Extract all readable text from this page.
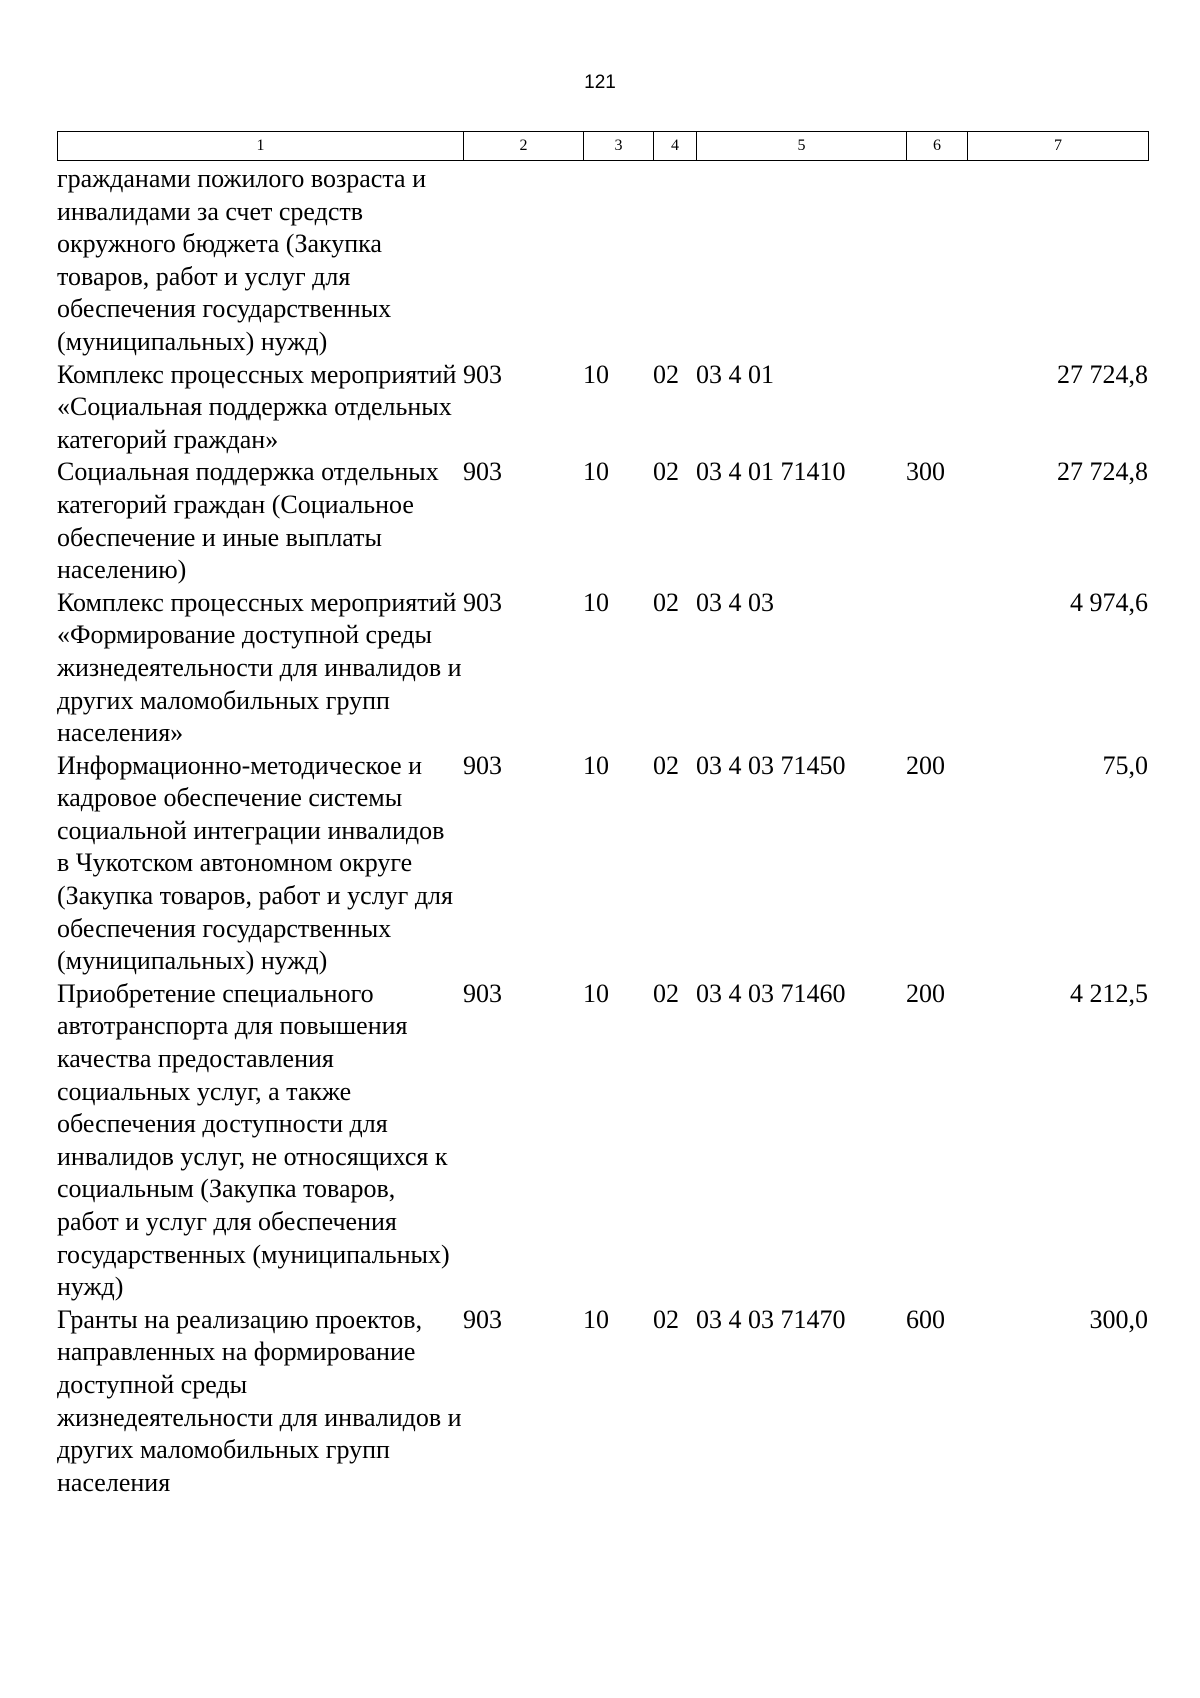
121
1	2	3	4	5	6	7
гражданами пожилого возраста и инвалидами за счет средств окружного бюджета (Закупка товаров, работ и услуг для обеспечения государственных (муниципальных) нужд)						
Комплекс процессных мероприятий «Социальная поддержка отдельных категорий граждан»	903	10	02	03 4 01		27 724,8
Социальная поддержка отдельных категорий граждан (Социальное обеспечение и иные выплаты населению)	903	10	02	03 4 01 71410	300	27 724,8
Комплекс процессных мероприятий «Формирование доступной среды жизнедеятельности для инвалидов и других маломобильных групп населения»	903	10	02	03 4 03		4 974,6
Информационно-методическое и кадровое обеспечение системы социальной интеграции инвалидов в Чукотском автономном округе (Закупка товаров, работ и услуг для обеспечения государственных (муниципальных) нужд)	903	10	02	03 4 03 71450	200	75,0
Приобретение специального автотранспорта для повышения качества предоставления социальных услуг, а также обеспечения доступности для инвалидов услуг, не относящихся к социальным (Закупка товаров, работ и услуг для обеспечения государственных (муниципальных) нужд)	903	10	02	03 4 03 71460	200	4 212,5
Гранты на реализацию проектов, направленных на формирование доступной среды жизнедеятельности для инвалидов и других маломобильных групп населения	903	10	02	03 4 03 71470	600	300,0
